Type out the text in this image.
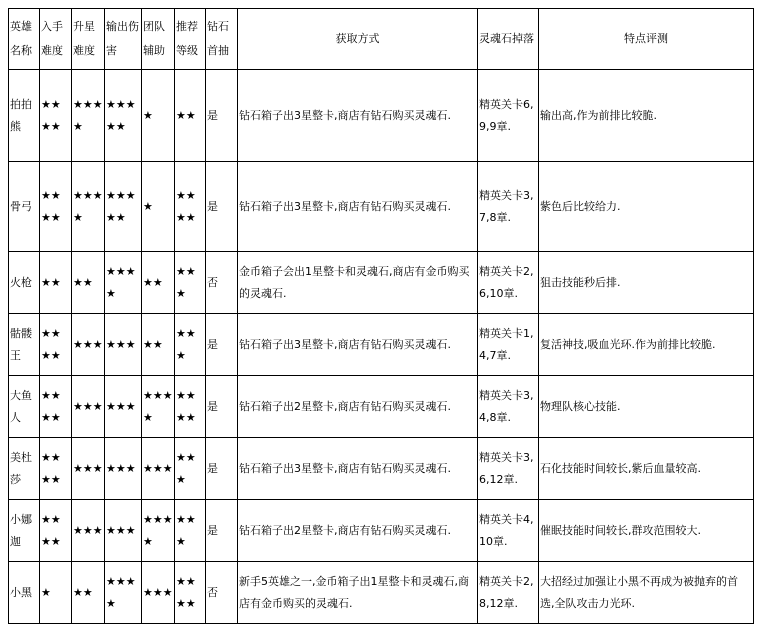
英雄名称	入手难度	升星难度	输出伤害	团队辅助	推荐等级	钻石首抽	获取方式	灵魂石掉落	特点评测
拍拍熊	★★★★	★★★★	★★★★★	★	★★	是	钻石箱子出3星整卡,商店有钻石购买灵魂石.	精英关卡6,9,9章.	输出高,作为前排比较脆.
骨弓	★★★★	★★★★	★★★★★	★	★★★★	是	钻石箱子出3星整卡,商店有钻石购买灵魂石.	精英关卡3,7,8章.	紫色后比较给力.
火枪	★★	★★	★★★★	★★	★★★	否	金币箱子会出1星整卡和灵魂石,商店有金币购买的灵魂石.	精英关卡2,6,10章.	狙击技能秒后排.
骷髅王	★★★★	★★★	★★★	★★	★★★	是	钻石箱子出3星整卡,商店有钻石购买灵魂石.	精英关卡1,4,7章.	复活神技,吸血光环.作为前排比较脆.
大鱼人	★★★★	★★★	★★★	★★★★	★★★★	是	钻石箱子出2星整卡,商店有钻石购买灵魂石.	精英关卡3,4,8章.	物理队核心技能.
美杜莎	★★★★	★★★	★★★	★★★	★★★	是	钻石箱子出3星整卡,商店有钻石购买灵魂石.	精英关卡3,6,12章.	石化技能时间较长,紫后血量较高.
小娜迦	★★★★	★★★	★★★	★★★★	★★★	是	钻石箱子出2星整卡,商店有钻石购买灵魂石.	精英关卡4,10章.	催眠技能时间较长,群攻范围较大.
小黑	★	★★	★★★★	★★★	★★★★	否	新手5英雄之一,金币箱子出1星整卡和灵魂石,商店有金币购买的灵魂石.	精英关卡2,8,12章.	大招经过加强让小黑不再成为被抛弃的首选,全队攻击力光环.
